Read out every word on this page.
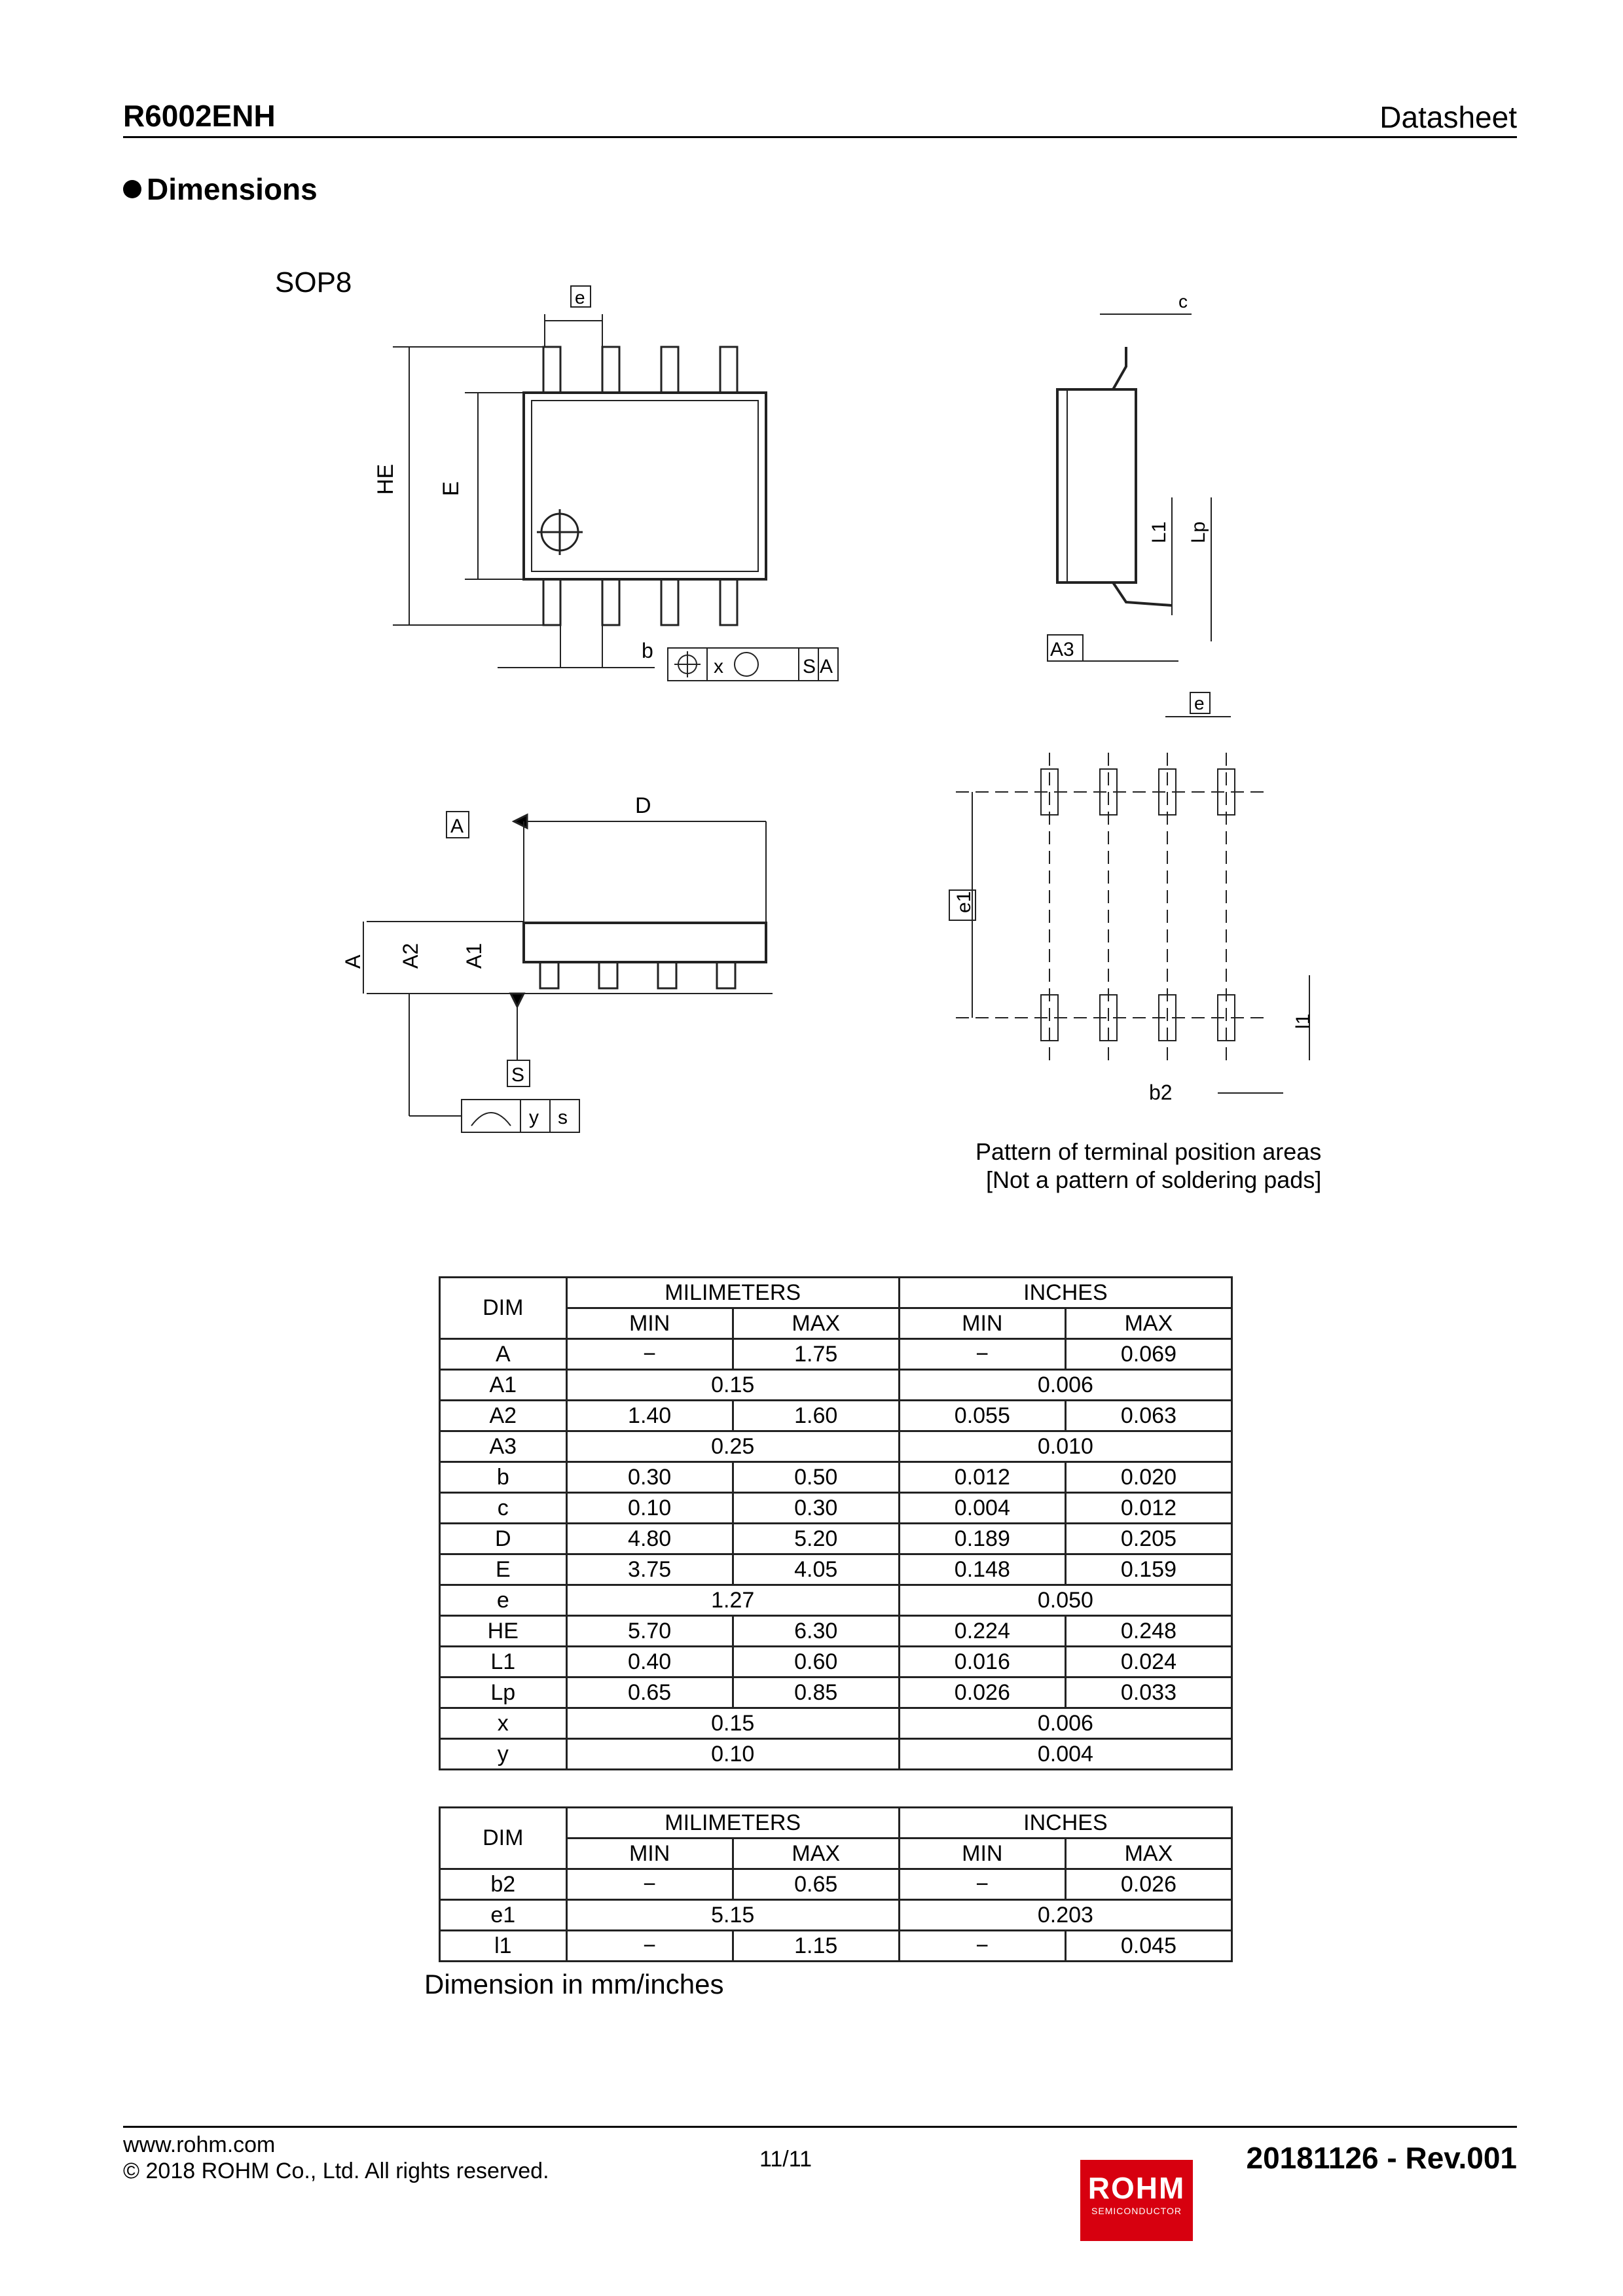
R6002ENH	Datasheet
Dimensions
SOP8	e
HE E
b
x	S A
c
L1 Lp
A3
D
A
A A2 A1
S
y s
e1
e
l1
b2
Pattern of terminal position areas
[Not a pattern of soldering pads]
DIM	MILIMETERS		INCHES	
	MIN	MAX	MIN	MAX
A	−	1.75	−	0.069
A1	0.15		0.006	
A2	1.40	1.60	0.055	0.063
A3	0.25		0.010	
b	0.30	0.50	0.012	0.020
c	0.10	0.30	0.004	0.012
D	4.80	5.20	0.189	0.205
E	3.75	4.05	0.148	0.159
e	1.27		0.050	
HE	5.70	6.30	0.224	0.248
L1	0.40	0.60	0.016	0.024
Lp	0.65	0.85	0.026	0.033
x	0.15		0.006	
y	0.10		0.004	
DIM	MILIMETERS		INCHES	
	MIN	MAX	MIN	MAX
b2	−	0.65	−	0.026
e1	5.15		0.203	
l1	−	1.15	−	0.045
Dimension in mm/inches
www.rohm.com
© 2018 ROHM Co., Ltd. All rights reserved.	11/11	20181126 - Rev.001
ROHM
SEMICONDUCTOR
